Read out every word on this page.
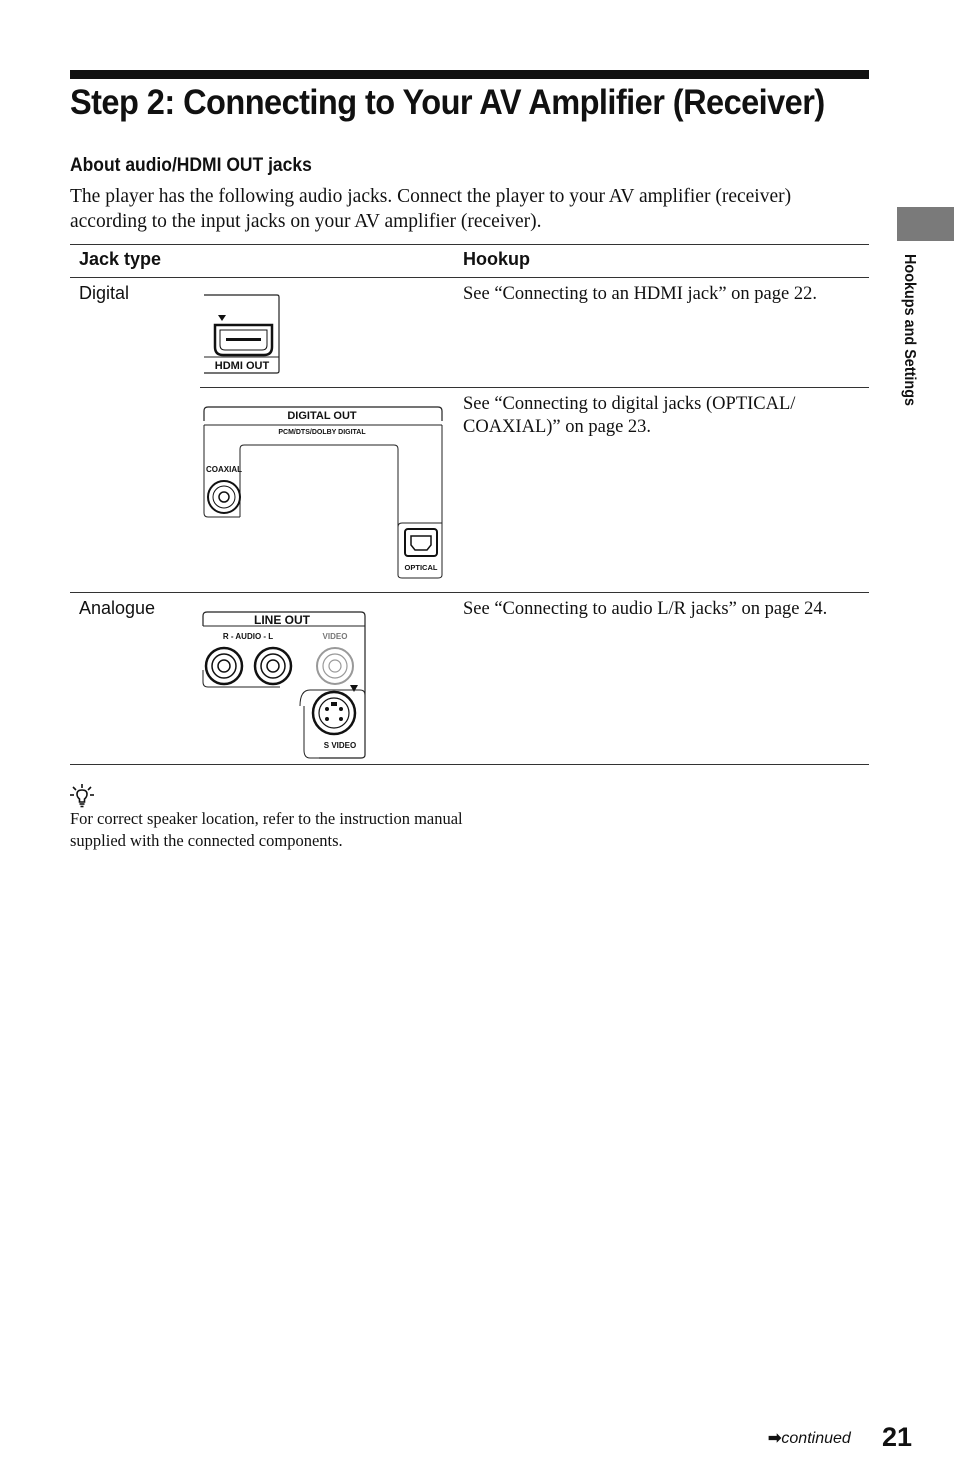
Step 2: Connecting to Your AV Amplifier (Receiver)
About audio/HDMI OUT jacks

The player has the following audio jacks. Connect the player to your AV amplifier (receiver) according to the input jacks on your AV amplifier (receiver).

Jack type	Hookup
Digital	See “Connecting to an HDMI jack” on page 22.
HDMI OUT
See “Connecting to digital jacks (OPTICAL/ COAXIAL)” on page 23.
DIGITAL OUT
PCM/DTS/DOLBY DIGITAL
COAXIAL
OPTICAL
Analogue	See “Connecting to audio L/R jacks” on page 24.
LINE OUT
R - AUDIO - L	VIDEO
S VIDEO

For correct speaker location, refer to the instruction manual supplied with the connected components.

Hookups and Settings
➡continued 21
